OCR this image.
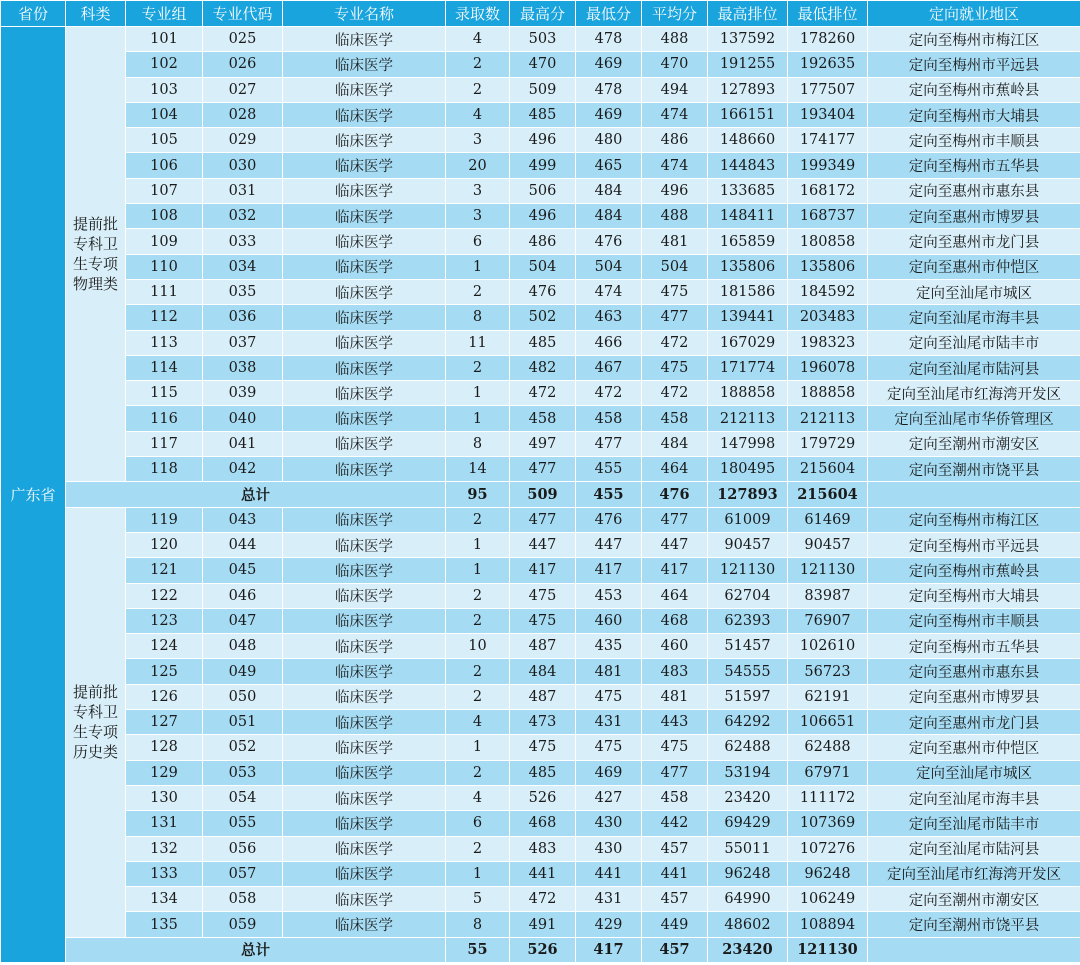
省份	科类	专业组	专业代码	专业名称	录取数	最高分	最低分	平均分	最高排位	最低排位	定向就业地区
广东省	提前批专科卫生专项物理类	101	025	临床医学	4	503	478	488	137592	178260	定向至梅州市梅江区
		102	026	临床医学	2	470	469	470	191255	192635	定向至梅州市平远县
		103	027	临床医学	2	509	478	494	127893	177507	定向至梅州市蕉岭县
		104	028	临床医学	4	485	469	474	166151	193404	定向至梅州市大埔县
		105	029	临床医学	3	496	480	486	148660	174177	定向至梅州市丰顺县
		106	030	临床医学	20	499	465	474	144843	199349	定向至梅州市五华县
		107	031	临床医学	3	506	484	496	133685	168172	定向至惠州市惠东县
		108	032	临床医学	3	496	484	488	148411	168737	定向至惠州市博罗县
		109	033	临床医学	6	486	476	481	165859	180858	定向至惠州市龙门县
		110	034	临床医学	1	504	504	504	135806	135806	定向至惠州市仲恺区
		111	035	临床医学	2	476	474	475	181586	184592	定向至汕尾市城区
		112	036	临床医学	8	502	463	477	139441	203483	定向至汕尾市海丰县
		113	037	临床医学	11	485	466	472	167029	198323	定向至汕尾市陆丰市
		114	038	临床医学	2	482	467	475	171774	196078	定向至汕尾市陆河县
		115	039	临床医学	1	472	472	472	188858	188858	定向至汕尾市红海湾开发区
		116	040	临床医学	1	458	458	458	212113	212113	定向至汕尾市华侨管理区
		117	041	临床医学	8	497	477	484	147998	179729	定向至潮州市潮安区
		118	042	临床医学	14	477	455	464	180495	215604	定向至潮州市饶平县
	总计				95	509	455	476	127893	215604	
	提前批专科卫生专项历史类	119	043	临床医学	2	477	476	477	61009	61469	定向至梅州市梅江区
		120	044	临床医学	1	447	447	447	90457	90457	定向至梅州市平远县
		121	045	临床医学	1	417	417	417	121130	121130	定向至梅州市蕉岭县
		122	046	临床医学	2	475	453	464	62704	83987	定向至梅州市大埔县
		123	047	临床医学	2	475	460	468	62393	76907	定向至梅州市丰顺县
		124	048	临床医学	10	487	435	460	51457	102610	定向至梅州市五华县
		125	049	临床医学	2	484	481	483	54555	56723	定向至惠州市惠东县
		126	050	临床医学	2	487	475	481	51597	62191	定向至惠州市博罗县
		127	051	临床医学	4	473	431	443	64292	106651	定向至惠州市龙门县
		128	052	临床医学	1	475	475	475	62488	62488	定向至惠州市仲恺区
		129	053	临床医学	2	485	469	477	53194	67971	定向至汕尾市城区
		130	054	临床医学	4	526	427	458	23420	111172	定向至汕尾市海丰县
		131	055	临床医学	6	468	430	442	69429	107369	定向至汕尾市陆丰市
		132	056	临床医学	2	483	430	457	55011	107276	定向至汕尾市陆河县
		133	057	临床医学	1	441	441	441	96248	96248	定向至汕尾市红海湾开发区
		134	058	临床医学	5	472	431	457	64990	106249	定向至潮州市潮安区
		135	059	临床医学	8	491	429	449	48602	108894	定向至潮州市饶平县
	总计				55	526	417	457	23420	121130	
